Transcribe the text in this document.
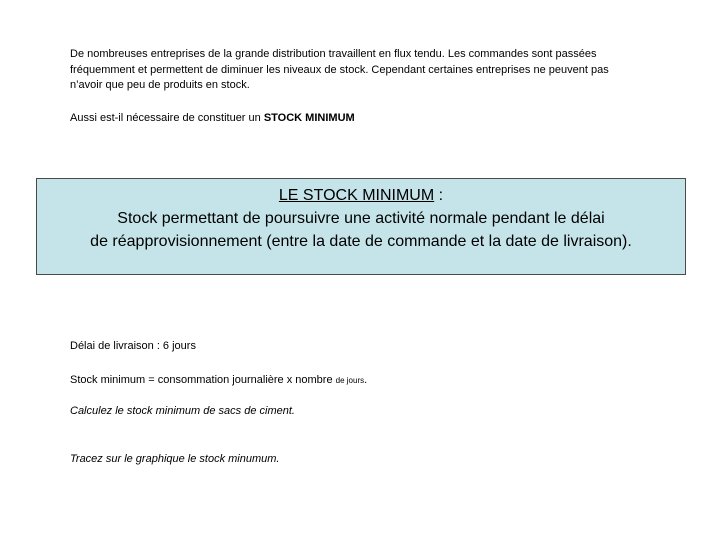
De nombreuses entreprises de la grande distribution travaillent en flux tendu. Les commandes sont passées
fréquemment et permettent de diminuer les niveaux de stock. Cependant certaines entreprises ne peuvent pas
n’avoir que peu de produits en stock.
Aussi est-il nécessaire de constituer un STOCK MINIMUM
LE STOCK MINIMUM :
Stock permettant de poursuivre une activité normale pendant le délai
de réapprovisionnement (entre la date de commande et la date de livraison).
Délai de livraison : 6 jours
Stock minimum = consommation journalière x nombre de jours.
Calculez le stock minimum de sacs de ciment.
Tracez sur le graphique le stock minumum.
